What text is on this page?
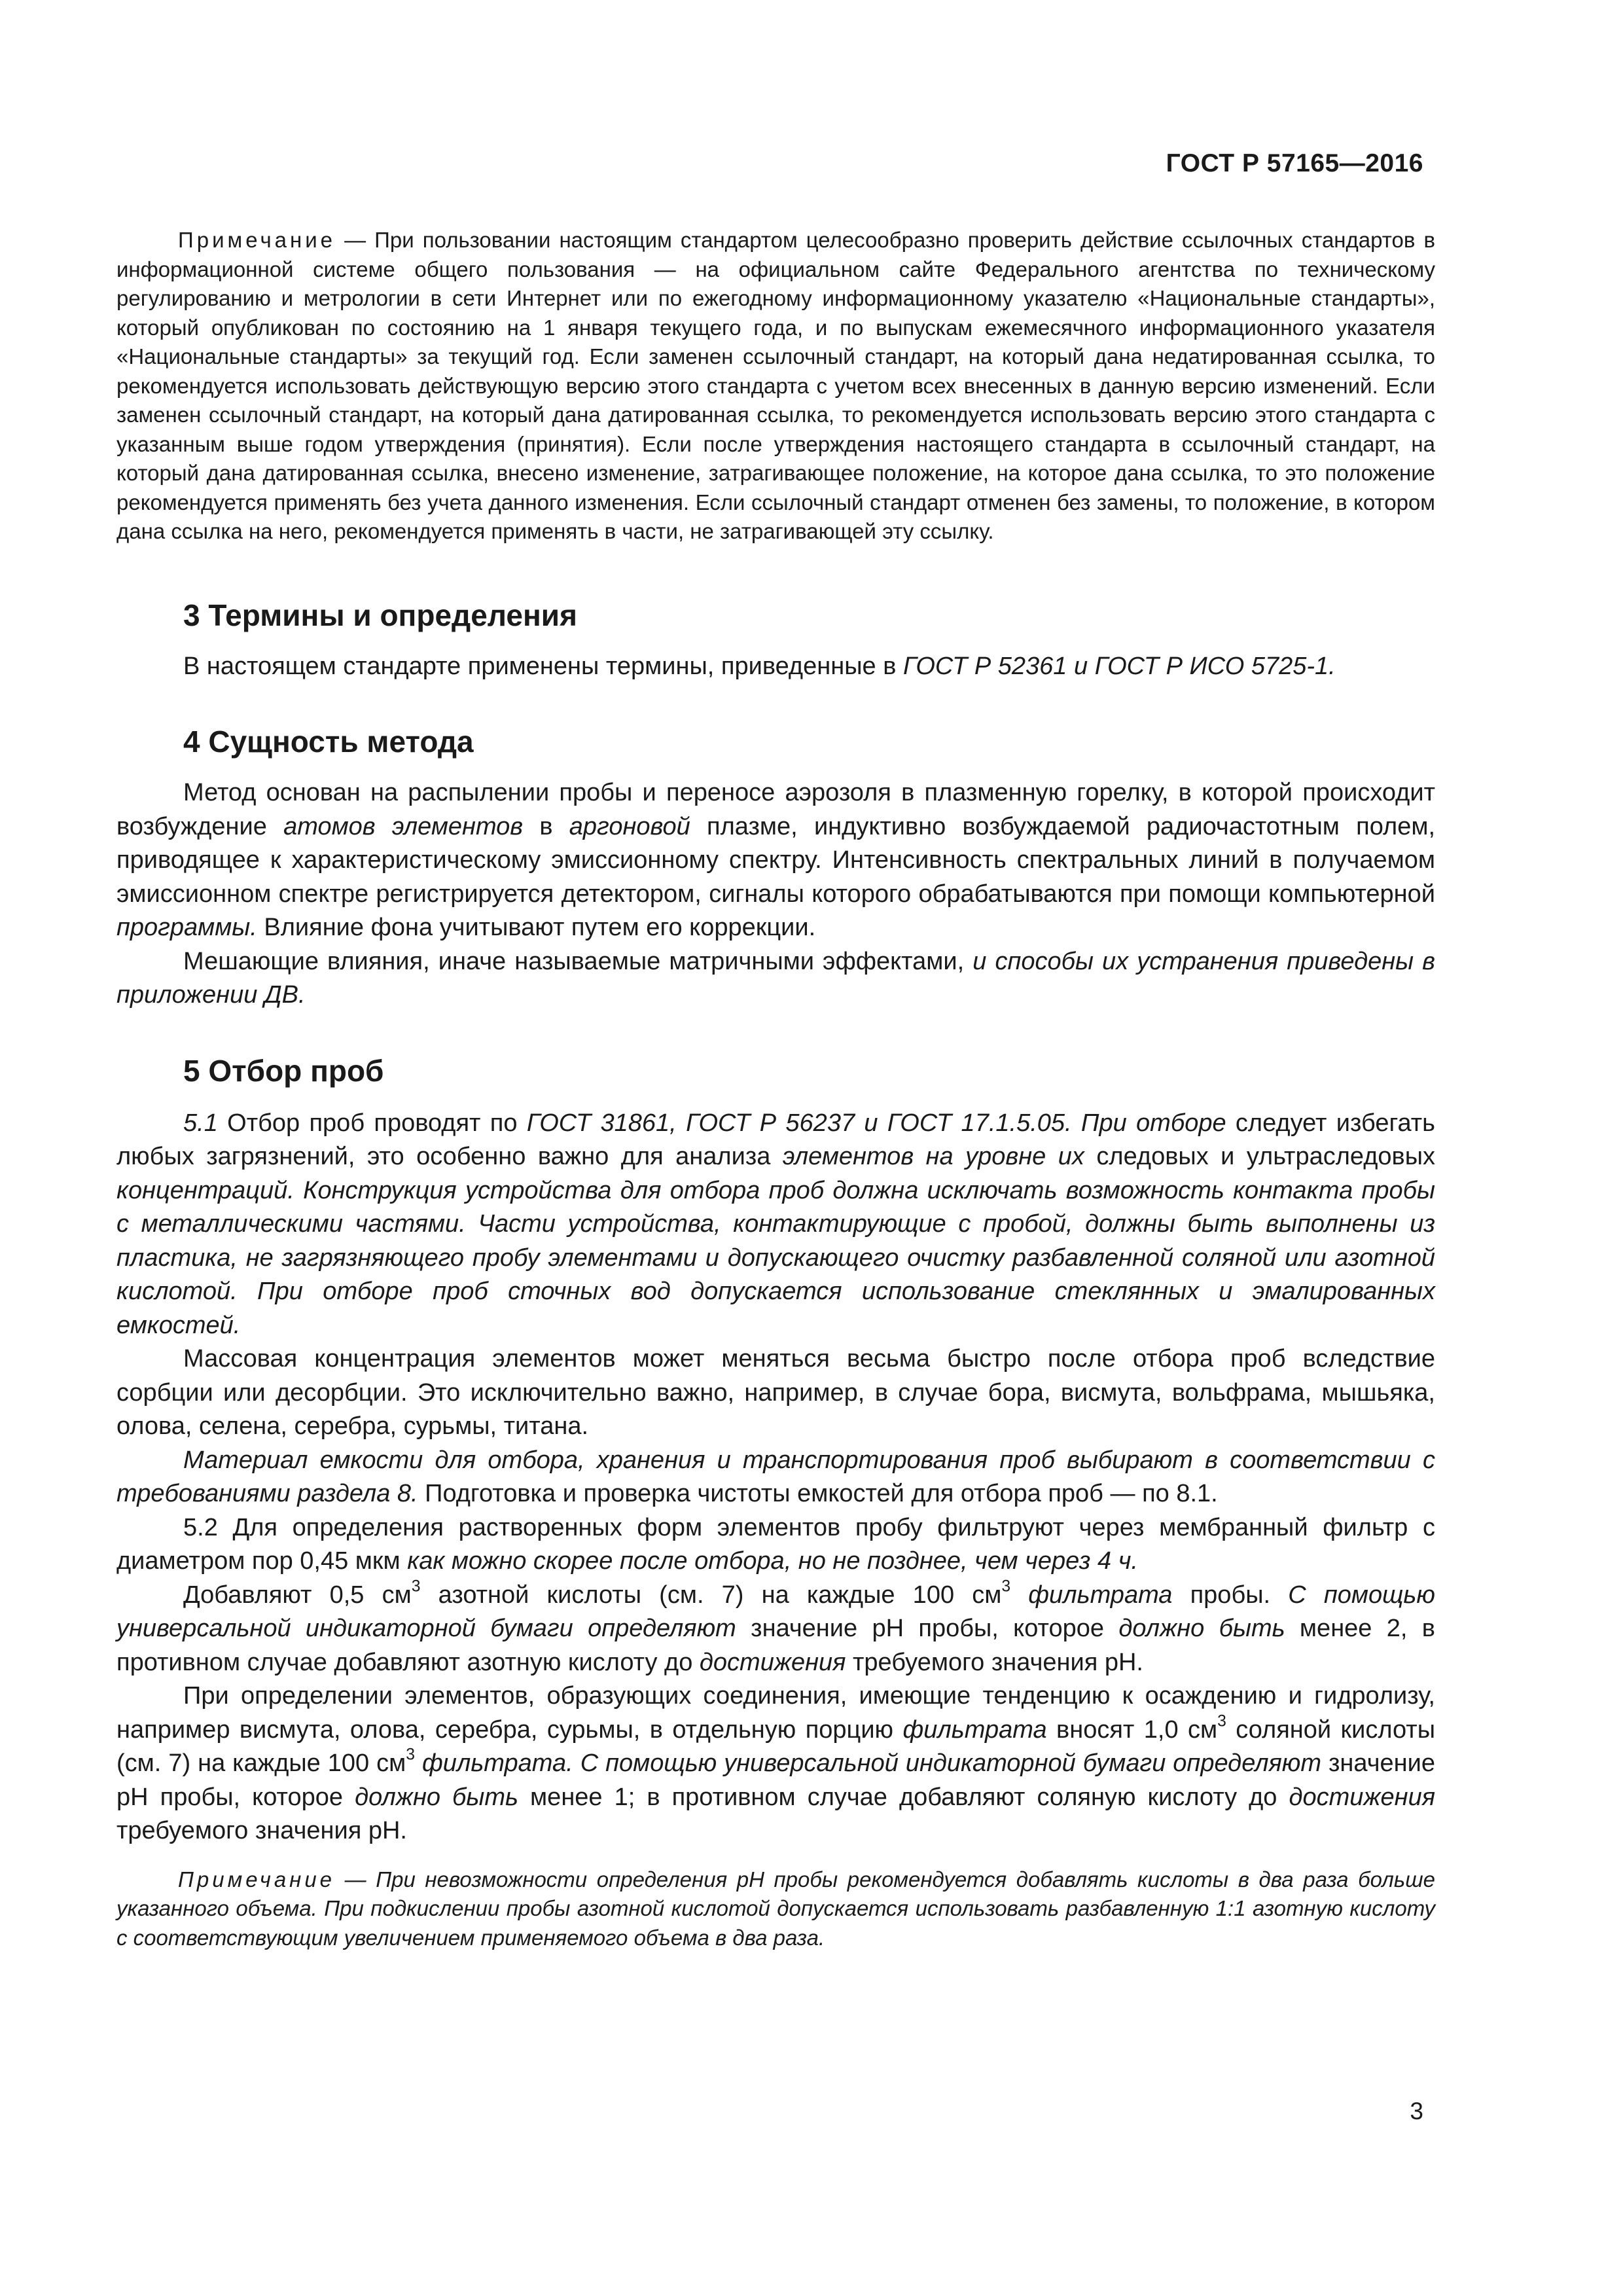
ГОСТ Р 57165—2016

Примечание — При пользовании настоящим стандартом целесообразно проверить действие ссылочных стандартов в информационной системе общего пользования — на официальном сайте Федерального агентства по техническому регулированию и метрологии в сети Интернет или по ежегодному информационному указателю «Национальные стандарты», который опубликован по состоянию на 1 января текущего года, и по выпускам ежемесячного информационного указателя «Национальные стандарты» за текущий год. Если заменен ссылочный стандарт, на который дана недатированная ссылка, то рекомендуется использовать действующую версию этого стандарта с учетом всех внесенных в данную версию изменений. Если заменен ссылочный стандарт, на который дана датированная ссылка, то рекомендуется использовать версию этого стандарта с указанным выше годом утверждения (принятия). Если после утверждения настоящего стандарта в ссылочный стандарт, на который дана датированная ссылка, внесено изменение, затрагивающее положение, на которое дана ссылка, то это положение рекомендуется применять без учета данного изменения. Если ссылочный стандарт отменен без замены, то положение, в котором дана ссылка на него, рекомендуется применять в части, не затрагивающей эту ссылку.

3 Термины и определения

В настоящем стандарте применены термины, приведенные в ГОСТ Р 52361 и ГОСТ Р ИСО 5725-1.

4 Сущность метода

Метод основан на распылении пробы и переносе аэрозоля в плазменную горелку, в которой происходит возбуждение атомов элементов в аргоновой плазме, индуктивно возбуждаемой радиочастотным полем, приводящее к характеристическому эмиссионному спектру. Интенсивность спектральных линий в получаемом эмиссионном спектре регистрируется детектором, сигналы которого обрабатываются при помощи компьютерной программы. Влияние фона учитывают путем его коррекции.

Мешающие влияния, иначе называемые матричными эффектами, и способы их устранения приведены в приложении ДВ.

5 Отбор проб

5.1 Отбор проб проводят по ГОСТ 31861, ГОСТ Р 56237 и ГОСТ 17.1.5.05. При отборе следует избегать любых загрязнений, это особенно важно для анализа элементов на уровне их следовых и ультраследовых концентраций. Конструкция устройства для отбора проб должна исключать возможность контакта пробы с металлическими частями. Части устройства, контактирующие с пробой, должны быть выполнены из пластика, не загрязняющего пробу элементами и допускающего очистку разбавленной соляной или азотной кислотой. При отборе проб сточных вод допускается использование стеклянных и эмалированных емкостей.

Массовая концентрация элементов может меняться весьма быстро после отбора проб вследствие сорбции или десорбции. Это исключительно важно, например, в случае бора, висмута, вольфрама, мышьяка, олова, селена, серебра, сурьмы, титана.

Материал емкости для отбора, хранения и транспортирования проб выбирают в соответствии с требованиями раздела 8. Подготовка и проверка чистоты емкостей для отбора проб — по 8.1.

5.2 Для определения растворенных форм элементов пробу фильтруют через мембранный фильтр с диаметром пор 0,45 мкм как можно скорее после отбора, но не позднее, чем через 4 ч.

Добавляют 0,5 $см^3$ азотной кислоты (см. 7) на каждые 100 $см^3$ фильтрата пробы. С помощью универсальной индикаторной бумаги определяют значение pH пробы, которое должно быть менее 2, в противном случае добавляют азотную кислоту до достижения требуемого значения pH.

При определении элементов, образующих соединения, имеющие тенденцию к осаждению и гидролизу, например висмута, олова, серебра, сурьмы, в отдельную порцию фильтрата вносят 1,0 $см^3$ соляной кислоты (см. 7) на каждые 100 $см^3$ фильтрата. С помощью универсальной индикаторной бумаги определяют значение pH пробы, которое должно быть менее 1; в противном случае добавляют соляную кислоту до достижения требуемого значения pH.

Примечание — При невозможности определения pH пробы рекомендуется добавлять кислоты в два раза больше указанного объема. При подкислении пробы азотной кислотой допускается использовать разбавленную 1:1 азотную кислоту с соответствующим увеличением применяемого объема в два раза.

3
